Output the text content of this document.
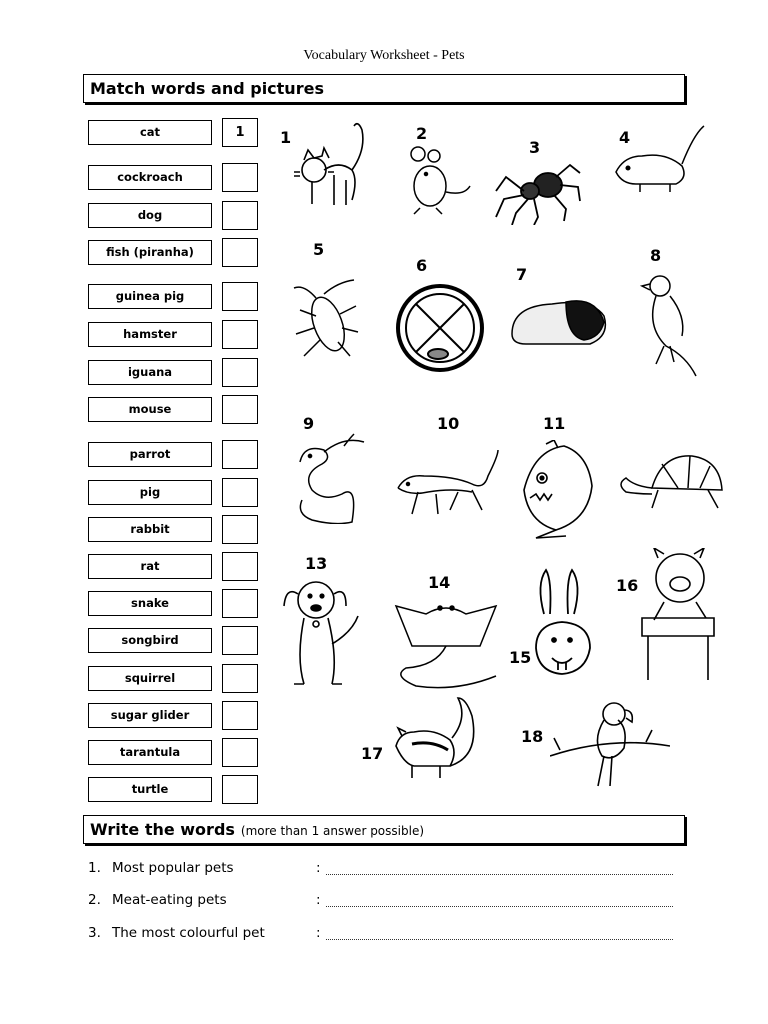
Vocabulary Worksheet - Pets
Match words and pictures
cat	1
cockroach
dog
fish (piranha)
guinea pig
hamster
iguana
mouse
parrot
pig
rabbit
rat
snake
songbird
squirrel
sugar glider
tarantula
turtle
1	2
3
4
5
6	7
8
9	10	11
13
14
15
16
17
18
Write the words (more than 1 answer possible)
1. Most popular pets	:
2. Meat-eating pets	:
3. The most colourful pet	:
